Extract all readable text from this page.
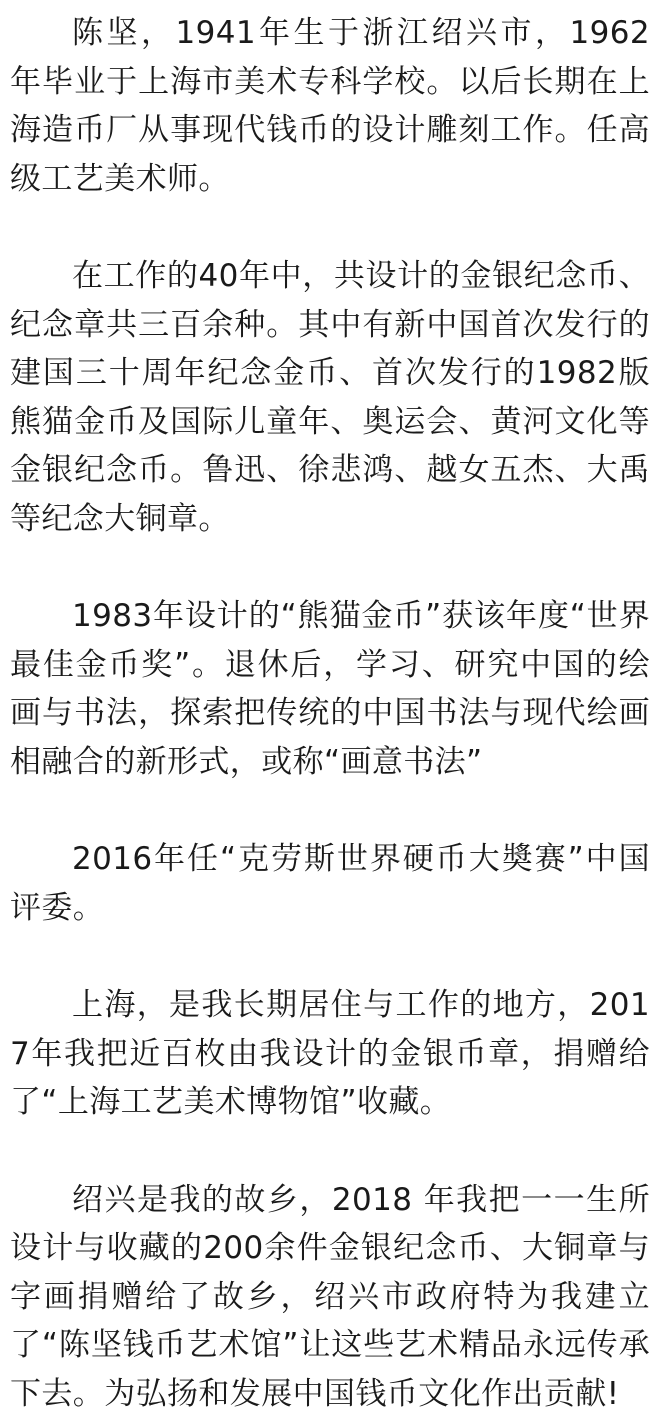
陈坚，1941年生于浙江绍兴市，1962 年毕业于上海市美术专科学校。以后长期在上海造币厂从事现代钱币的设计雕刻工作。任高级工艺美术师。

在工作的40年中，共设计的金银纪念币、纪念章共三百余种。其中有新中国首次发行的建国三十周年纪念金币、首次发行的1982版熊猫金币及国际儿童年、奥运会、黄河文化等金银纪念币。鲁迅、徐悲鸿、越女五杰、大禹等纪念大铜章。

1983年设计的“熊猫金币”获该年度“世界最佳金币奖”。退休后，学习、研究中国的绘画与书法，探索把传统的中国书法与现代绘画相融合的新形式，或称“画意书法”

2016年任“克劳斯世界硬币大奬赛”中国评委。

上海，是我长期居住与工作的地方，2017年我把近百枚由我设计的金银币章，捐赠给了“上海工艺美术博物馆”收藏。

绍兴是我的故乡，2018 年我把一一生所设计与收藏的200余件金银纪念币、大铜章与字画捐赠给了故乡，绍兴市政府特为我建立了“陈坚钱币艺术馆”让这些艺术精品永远传承下去。为弘扬和发展中国钱币文化作出贡献!
